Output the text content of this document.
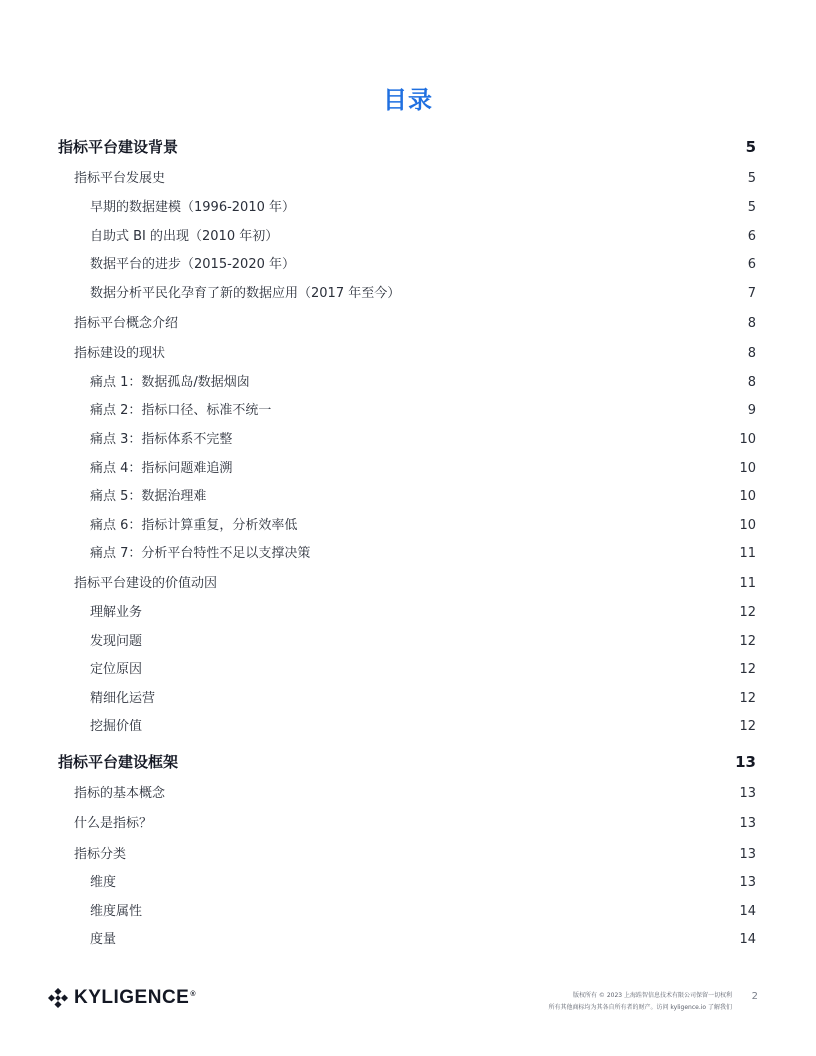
目录
指标平台建设背景	5
指标平台发展史	5
早期的数据建模（1996-2010 年）	5
自助式 BI 的出现（2010 年初）	6
数据平台的进步（2015-2020 年）	6
数据分析平民化孕育了新的数据应用（2017 年至今）	7
指标平台概念介绍	8
指标建设的现状	8
痛点 1：数据孤岛/数据烟囱	8
痛点 2：指标口径、标准不统一	9
痛点 3：指标体系不完整	10
痛点 4：指标问题难追溯	10
痛点 5：数据治理难	10
痛点 6：指标计算重复，分析效率低	10
痛点 7：分析平台特性不足以支撑决策	11
指标平台建设的价值动因	11
理解业务	12
发现问题	12
定位原因	12
精细化运营	12
挖掘价值	12
指标平台建设框架	13
指标的基本概念	13
什么是指标？	13
指标分类	13
维度	13
维度属性	14
度量	14
KYLIGENCE®	版权所有 © 2023 上海跬智信息技术有限公司保留一切权利
所有其他商标均为其各自所有者的财产。访问 kyligence.io 了解我们
2
